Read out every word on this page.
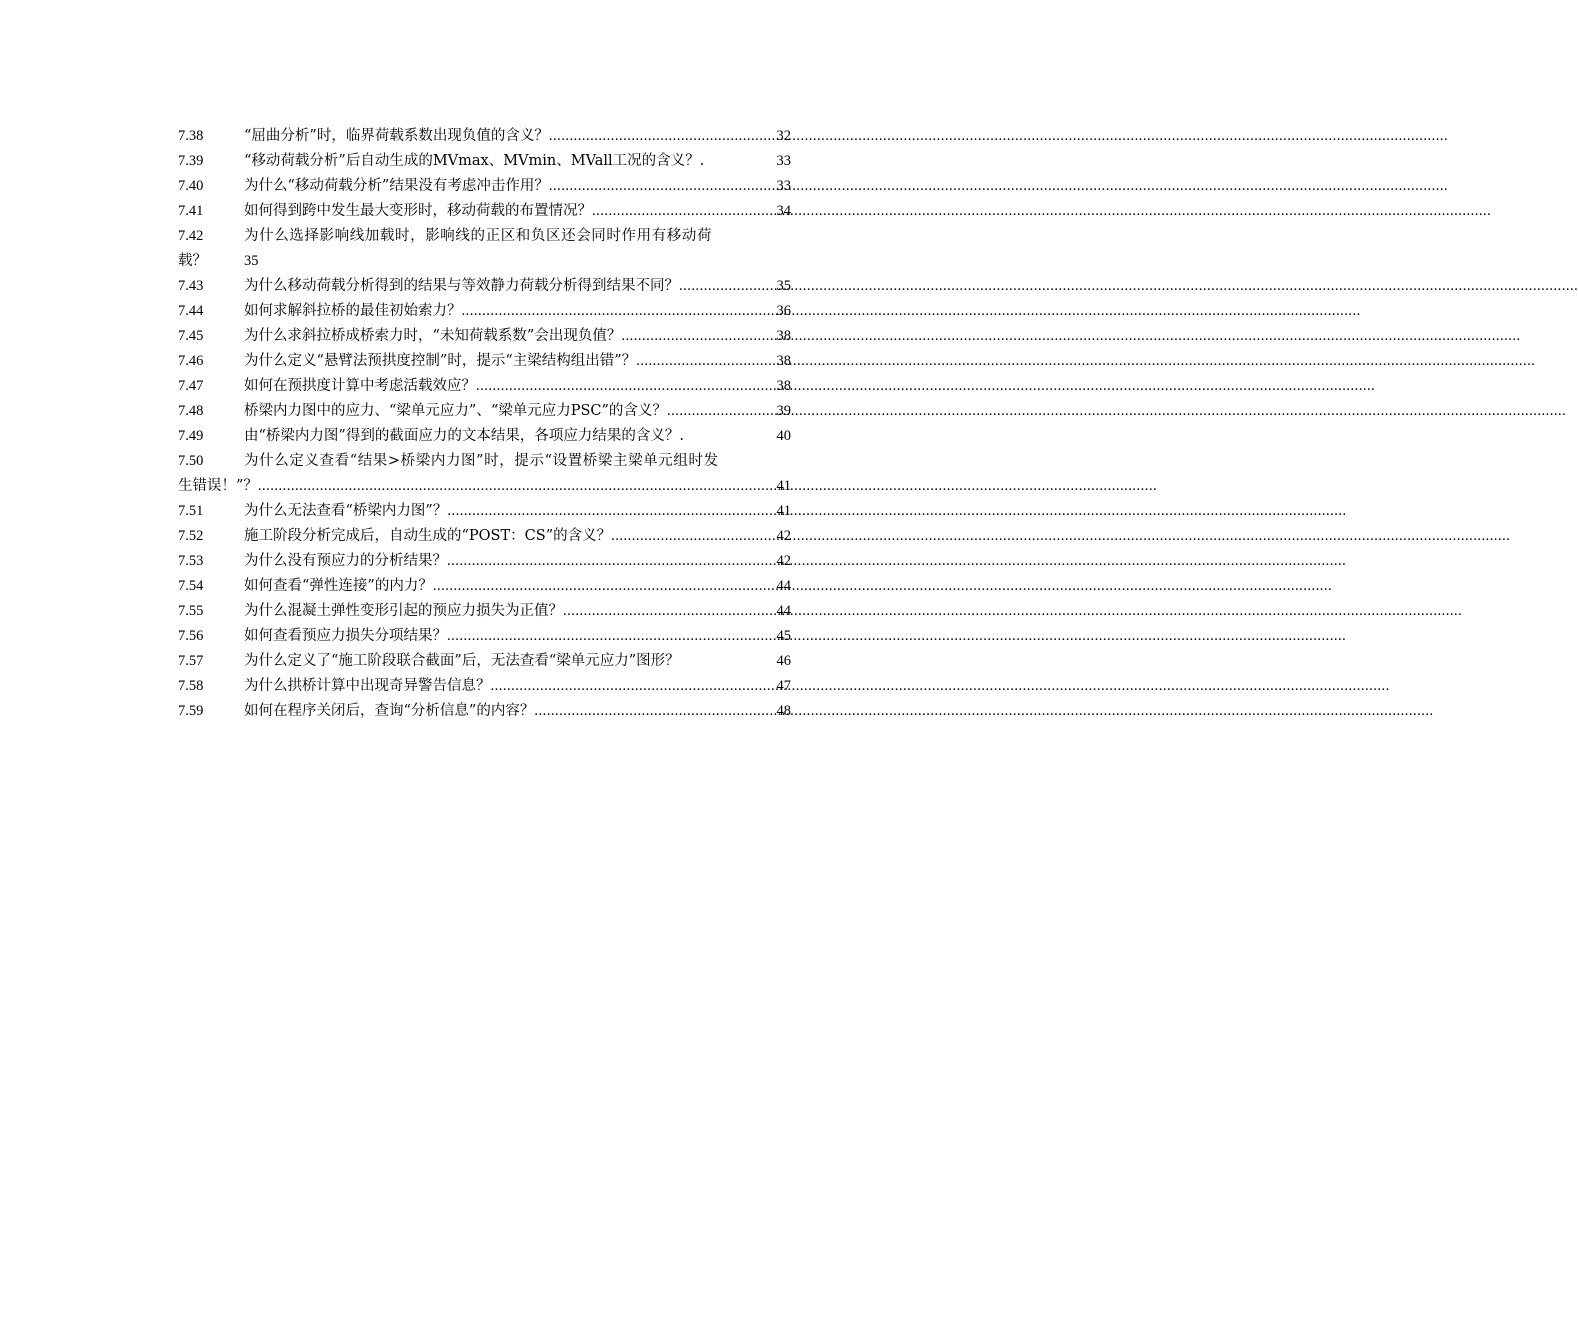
7.38	“屈曲分析”时，临界荷载系数出现负值的含义？ .....	32
7.39	“移动荷载分析”后自动生成的MVmax、MVmin、MVall工况的含义？.	33
7.40	为什么“移动荷载分析”结果没有考虑冲击作用？ .....	33
7.41	如何得到跨中发生最大变形时，移动荷载的布置情况？ .....	34
7.42	为什么选择影响线加载时，影响线的正区和负区还会同时作用有移动荷
载？	35
7.43	为什么移动荷载分析得到的结果与等效静力荷载分析得到结果不同？ .....	35
7.44	如何求解斜拉桥的最佳初始索力？ .....	36
7.45	为什么求斜拉桥成桥索力时，“未知荷载系数”会出现负值？ .....	38
7.46	为什么定义“悬臂法预拱度控制”时，提示“主梁结构组出错”？ .....	38
7.47	如何在预拱度计算中考虑活载效应？ .....	38
7.48	桥梁内力图中的应力、“梁单元应力”、“梁单元应力PSC”的含义？ .....	39
7.49	由“桥梁内力图”得到的截面应力的文本结果，各项应力结果的含义？.	40
7.50	为什么定义查看“结果>桥梁内力图”时，提示“设置桥梁主梁单元组时发
生错误！”？ .....	41
7.51	为什么无法查看“桥梁内力图”？ .....	41
7.52	施工阶段分析完成后，自动生成的“POST：CS”的含义？ .....	42
7.53	为什么没有预应力的分析结果？ .....	42
7.54	如何查看“弹性连接”的内力？ .....	44
7.55	为什么混凝土弹性变形引起的预应力损失为正值？ .....	44
7.56	如何查看预应力损失分项结果？ .....	45
7.57	为什么定义了“施工阶段联合截面”后，无法查看“梁单元应力”图形？	46
7.58	为什么拱桥计算中出现奇异警告信息？ .....	47
7.59	如何在程序关闭后，查询“分析信息”的内容？ .....	48
